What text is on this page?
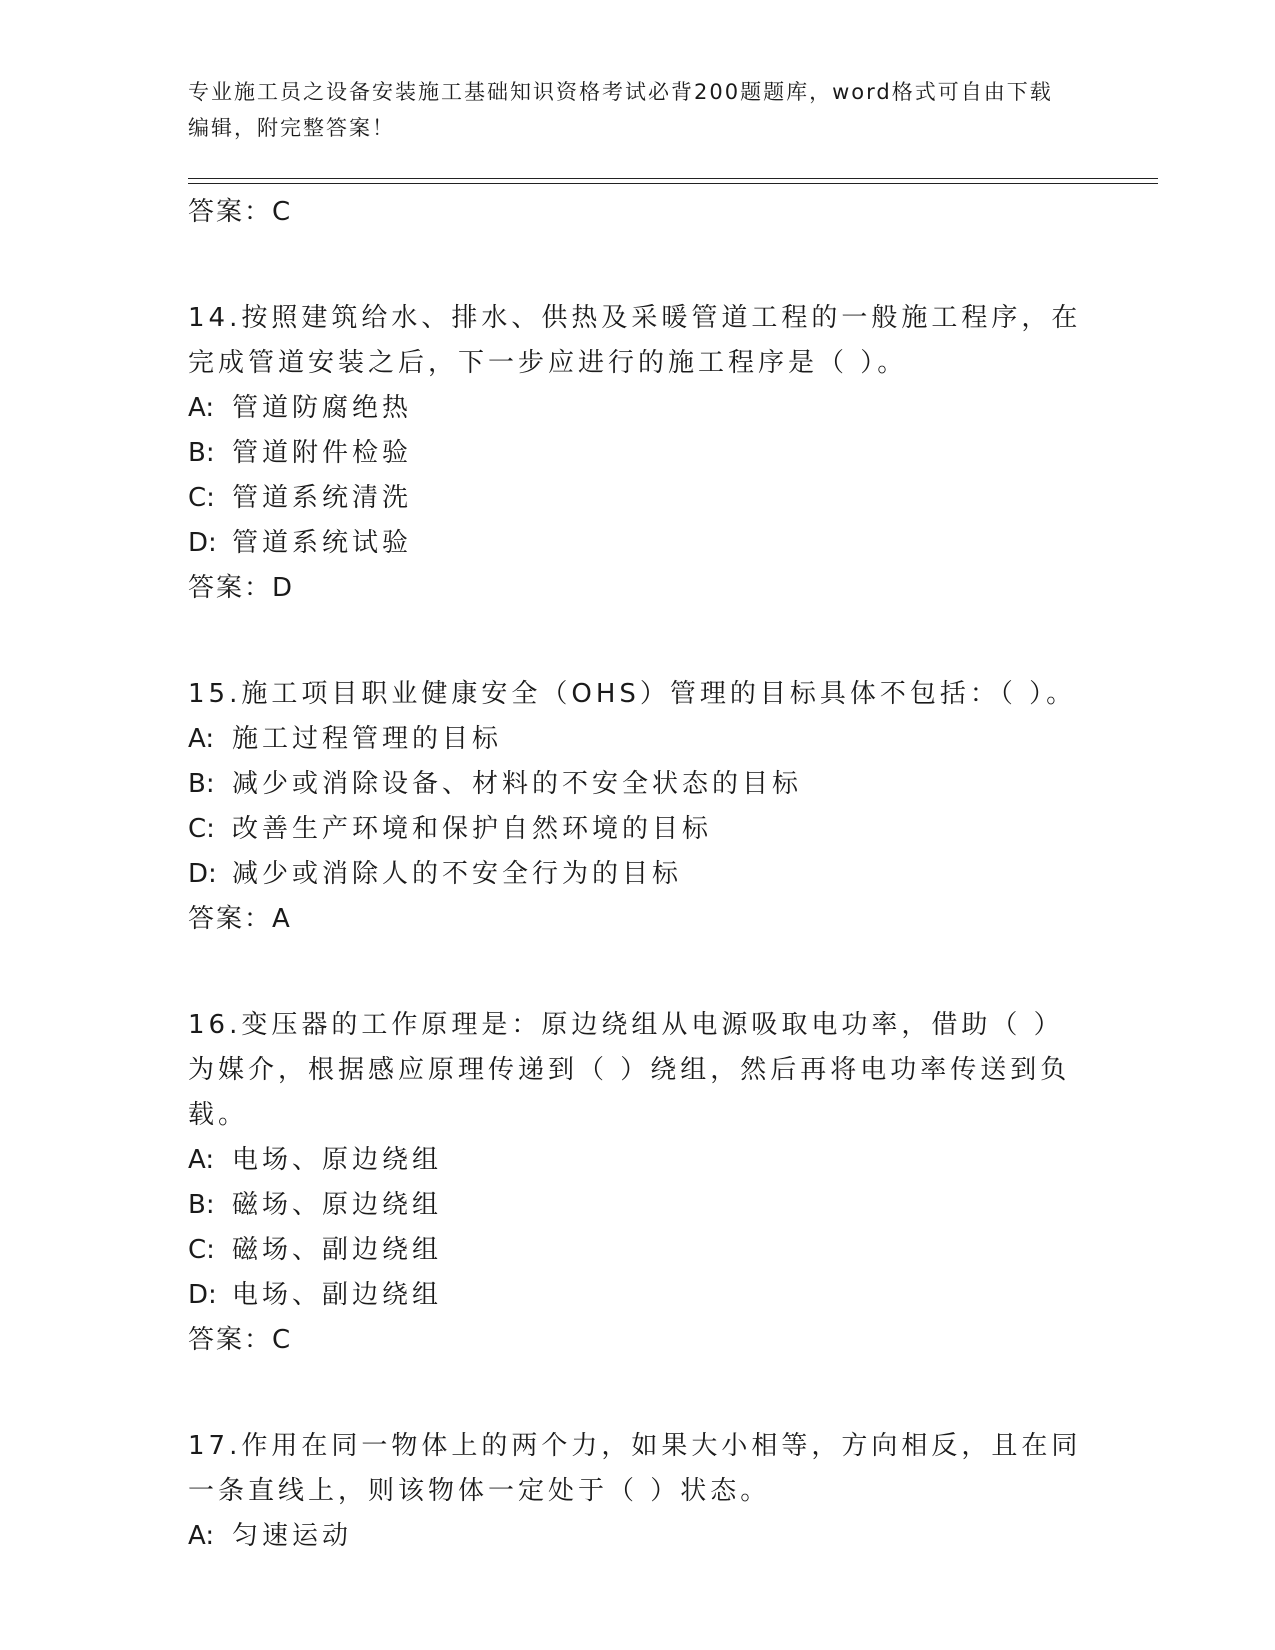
专业施工员之设备安装施工基础知识资格考试必背200题题库，word格式可自由下载编辑，附完整答案！
答案：C
14.按照建筑给水、排水、供热及采暖管道工程的一般施工程序，在完成管道安装之后，下一步应进行的施工程序是（ ）。
A: 管道防腐绝热
B: 管道附件检验
C: 管道系统清洗
D: 管道系统试验
答案：D
15.施工项目职业健康安全（OHS）管理的目标具体不包括：（ ）。
A: 施工过程管理的目标
B: 减少或消除设备、材料的不安全状态的目标
C: 改善生产环境和保护自然环境的目标
D: 减少或消除人的不安全行为的目标
答案：A
16.变压器的工作原理是：原边绕组从电源吸取电功率，借助（ ）为媒介，根据感应原理传递到（ ）绕组，然后再将电功率传送到负载。
A: 电场、原边绕组
B: 磁场、原边绕组
C: 磁场、副边绕组
D: 电场、副边绕组
答案：C
17.作用在同一物体上的两个力，如果大小相等，方向相反，且在同一条直线上，则该物体一定处于（ ）状态。
A: 匀速运动
